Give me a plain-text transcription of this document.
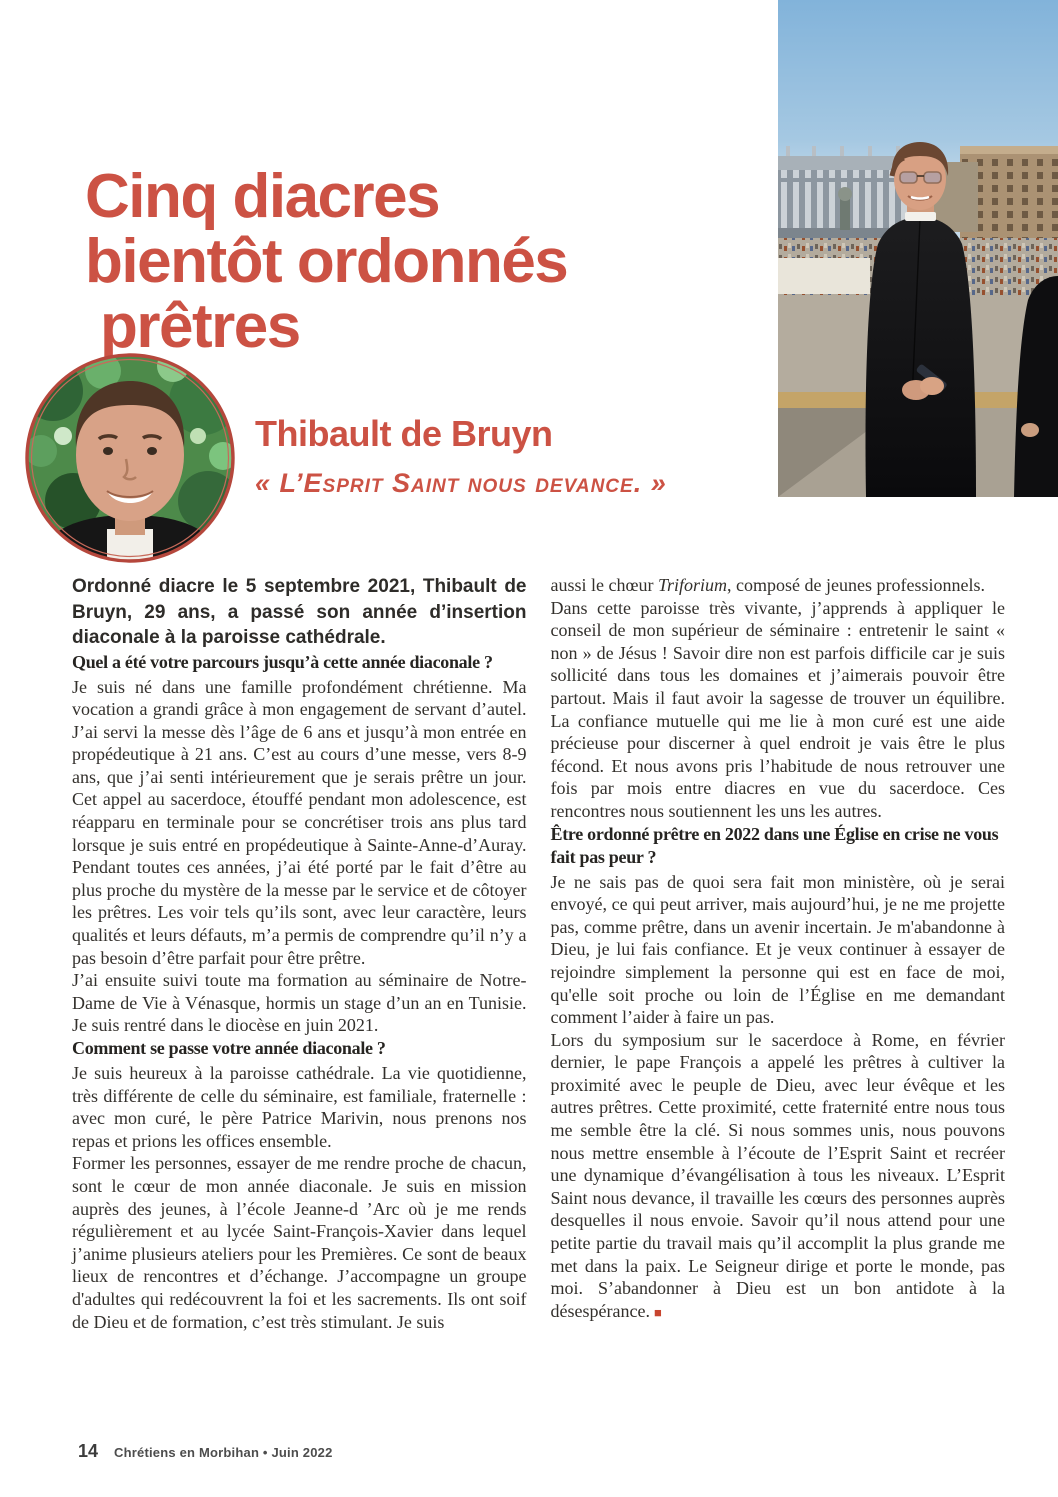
Cinq diacres
bientôt ordonnés
prêtres
Thibault de Bruyn

« L’Esprit Saint nous devance. »

Ordonné diacre le 5 septembre 2021, Thibault de Bruyn, 29 ans, a passé son année d’insertion diaconale à la paroisse cathédrale.

Quel a été votre parcours jusqu’à cette année diaconale ?

Je suis né dans une famille profondément chrétienne. Ma vocation a grandi grâce à mon engagement de servant d’autel. J’ai servi la messe dès l’âge de 6 ans et jusqu’à mon entrée en propédeutique à 21 ans. C’est au cours d’une messe, vers 8-9 ans, que j’ai senti intérieurement que je serais prêtre un jour. Cet appel au sacerdoce, étouffé pendant mon adolescence, est réapparu en terminale pour se concrétiser trois ans plus tard lorsque je suis entré en propédeutique à Sainte-Anne-d’Auray. Pendant toutes ces années, j’ai été porté par le fait d’être au plus proche du mystère de la messe par le service et de côtoyer les prêtres. Les voir tels qu’ils sont, avec leur caractère, leurs qualités et leurs défauts, m’a permis de comprendre qu’il n’y a pas besoin d’être parfait pour être prêtre.

J’ai ensuite suivi toute ma formation au séminaire de Notre-Dame de Vie à Vénasque, hormis un stage d’un an en Tunisie. Je suis rentré dans le diocèse en juin 2021.

Comment se passe votre année diaconale ?

Je suis heureux à la paroisse cathédrale. La vie quotidienne, très différente de celle du séminaire, est familiale, fraternelle : avec mon curé, le père Patrice Marivin, nous prenons nos repas et prions les offices ensemble.

Former les personnes, essayer de me rendre proche de chacun, sont le cœur de mon année diaconale. Je suis en mission auprès des jeunes, à l’école Jeanne-d ’Arc où je me rends régulièrement et au lycée Saint-François-Xavier dans lequel j’anime plusieurs ateliers pour les Premières. Ce sont de beaux lieux de rencontres et d’échange. J’accompagne un groupe d'adultes qui redécouvrent la foi et les sacrements. Ils ont soif de Dieu et de formation, c’est très stimulant. Je suis

aussi le chœur Triforium, composé de jeunes professionnels.

Dans cette paroisse très vivante, j’apprends à appliquer le conseil de mon supérieur de séminaire : entretenir le saint « non » de Jésus ! Savoir dire non est parfois difficile car je suis sollicité dans tous les domaines et j’aimerais pouvoir être partout. Mais il faut avoir la sagesse de trouver un équilibre. La confiance mutuelle qui me lie à mon curé est une aide précieuse pour discerner à quel endroit je vais être le plus fécond. Et nous avons pris l’habitude de nous retrouver une fois par mois entre diacres en vue du sacerdoce. Ces rencontres nous soutiennent les uns les autres.

Être ordonné prêtre en 2022 dans une Église en crise ne vous fait pas peur ?

Je ne sais pas de quoi sera fait mon ministère, où je serai envoyé, ce qui peut arriver, mais aujourd’hui, je ne me projette pas, comme prêtre, dans un avenir incertain. Je m'abandonne à Dieu, je lui fais confiance. Et je veux continuer à essayer de rejoindre simplement la personne qui est en face de moi, qu'elle soit proche ou loin de l’Église en me demandant comment l’aider à faire un pas.

Lors du symposium sur le sacerdoce à Rome, en février dernier, le pape François a appelé les prêtres à cultiver la proximité avec le peuple de Dieu, avec leur évêque et les autres prêtres. Cette proximité, cette fraternité entre nous tous me semble être la clé. Si nous sommes unis, nous pouvons nous mettre ensemble à l’écoute de l’Esprit Saint et recréer une dynamique d’évangélisation à tous les niveaux. L’Esprit Saint nous devance, il travaille les cœurs des personnes auprès desquelles il nous envoie. Savoir qu’il nous attend pour une petite partie du travail mais qu’il accomplit la plus grande me met dans la paix. Le Seigneur dirige et porte le monde, pas moi. S’abandonner à Dieu est un bon antidote à la désespérance. ■

14 Chrétiens en Morbihan • Juin 2022
